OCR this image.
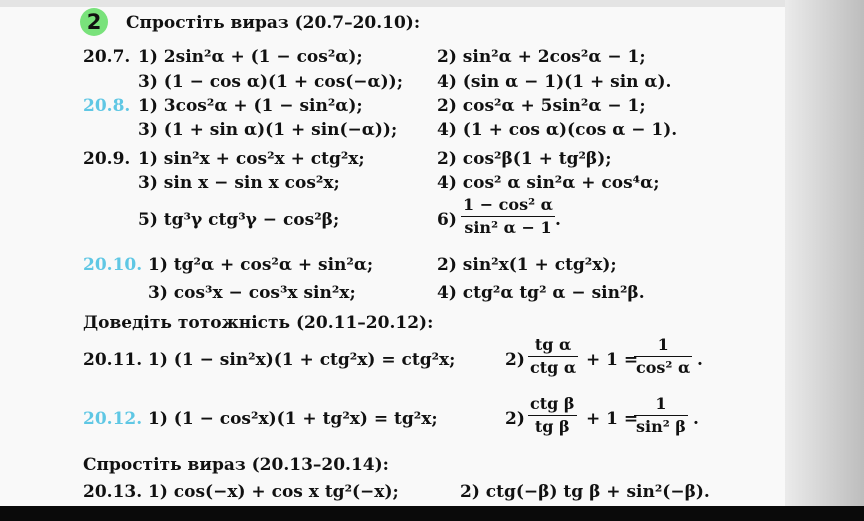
2	Спростіть вираз (20.7–20.10):
20.7. 1) 2sin²α + (1 − cos²α);	2) sin²α + 2cos²α − 1;
3) (1 − cos α)(1 + cos(−α)); 4) (sin α − 1)(1 + sin α).
20.8. 1) 3cos²α + (1 − sin²α);	2) cos²α + 5sin²α − 1;
3) (1 + sin α)(1 + sin(−α)); 4) (1 + cos α)(cos α − 1).
20.9. 1) sin²x + cos²x + ctg²x;	2) cos²β(1 + tg²β);
3) sin x − sin x cos²x;	4) cos² α sin²α + cos⁴α;
5) tg³γ ctg³γ − cos²β;	6)
1 − cos² α
sin² α − 1 .
20.10. 1) tg²α + cos²α + sin²α;	2) sin²x(1 + ctg²x);
3) cos³x − cos³x sin²x;	4) ctg²α tg² α − sin²β.
Доведіть тотожність (20.11–20.12):
20.11. 1) (1 − sin²x)(1 + ctg²x) = ctg²x;	2)
tg α
ctg α + 1 =
1
cos² α .
20.12. 1) (1 − cos²x)(1 + tg²x) = tg²x;	2)
ctg β
tg β + 1 =
1
sin² β .
Спростіть вираз (20.13–20.14):
20.13. 1) cos(−x) + cos x tg²(−x);	2) ctg(−β) tg β + sin²(−β).
